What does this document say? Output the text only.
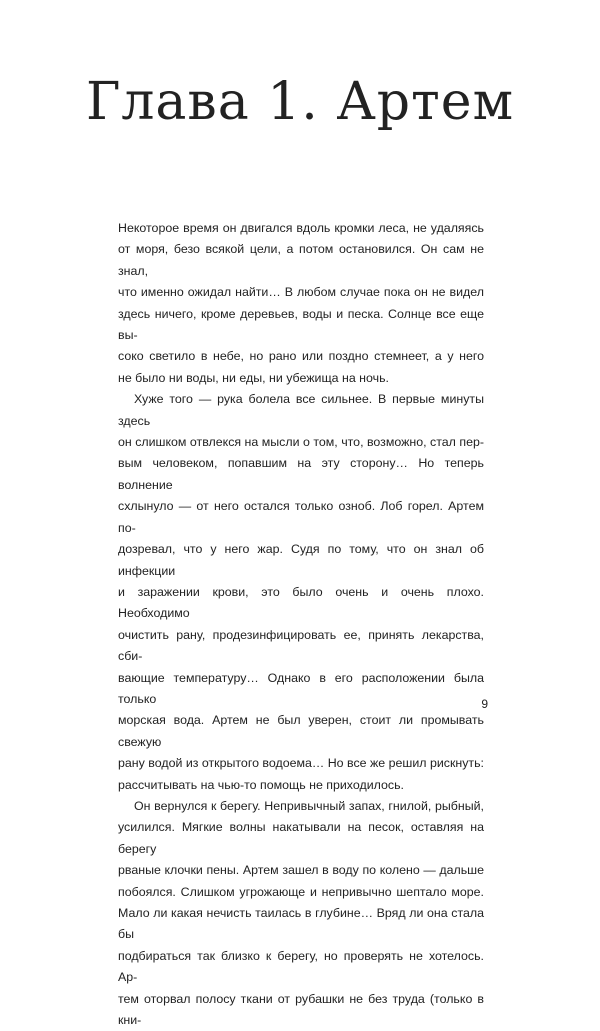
Глава 1. Артем

Некоторое время он двигался вдоль кромки леса, не удаляясь

от моря, безо всякой цели, а потом остановился. Он сам не знал,

что именно ожидал найти… В любом случае пока он не видел

здесь ничего, кроме деревьев, воды и песка. Солнце все еще вы-

соко светило в небе, но рано или поздно стемнеет, а у него

не было ни воды, ни еды, ни убежища на ночь.

Хуже того — рука болела все сильнее. В первые минуты здесь

он слишком отвлекся на мысли о том, что, возможно, стал пер-

вым человеком, попавшим на эту сторону… Но теперь волнение

схлынуло — от него остался только озноб. Лоб горел. Артем по-

дозревал, что у него жар. Судя по тому, что он знал об инфекции

и заражении крови, это было очень и очень плохо. Необходимо

очистить рану, продезинфицировать ее, принять лекарства, сби-

вающие температуру… Однако в его расположении была только

морская вода. Артем не был уверен, стоит ли промывать свежую

рану водой из открытого водоема… Но все же решил рискнуть:

рассчитывать на чью-то помощь не приходилось.

Он вернулся к берегу. Непривычный запах, гнилой, рыбный,

усилился. Мягкие волны накатывали на песок, оставляя на берегу

рваные клочки пены. Артем зашел в воду по колено — дальше

побоялся. Слишком угрожающе и непривычно шептало море.

Мало ли какая нечисть таилась в глубине… Вряд ли она стала бы

подбираться так близко к берегу, но проверять не хотелось. Ар-

тем оторвал полосу ткани от рубашки не без труда (только в кни-

9
